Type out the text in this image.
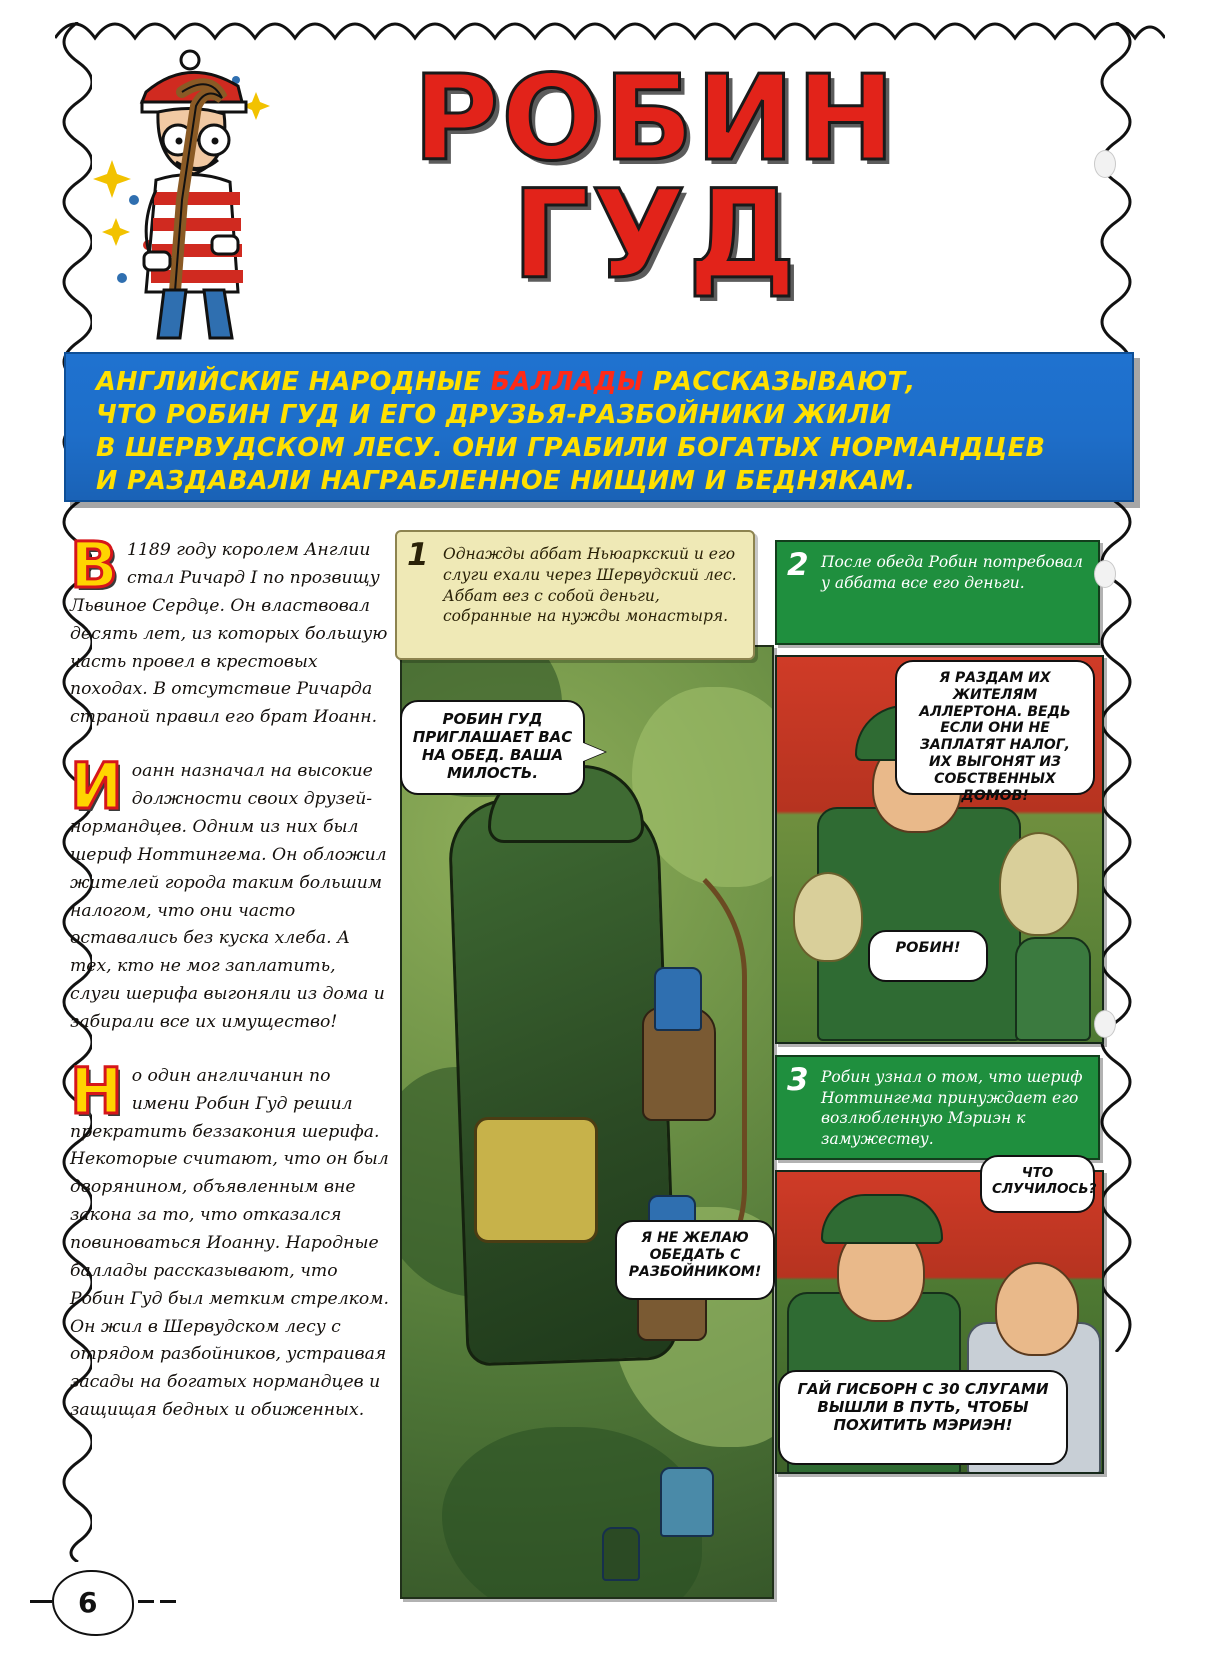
РОБИН
ГУД
АНГЛИЙСКИЕ НАРОДНЫЕ БАЛЛАДЫ РАССКАЗЫВАЮТ,
ЧТО РОБИН ГУД И ЕГО ДРУЗЬЯ-РАЗБОЙНИКИ ЖИЛИ
В ШЕРВУДСКОМ ЛЕСУ. ОНИ ГРАБИЛИ БОГАТЫХ НОРМАНДЦЕВ
И РАЗДАВАЛИ НАГРАБЛЕННОЕ НИЩИМ И БЕДНЯКАМ.

В 1189 году королем Англии стал Ричард I по прозвищу Львиное Сердце. Он властвовал десять лет, из которых большую часть провел в крестовых походах. В отсутствие Ричарда страной правил его брат Иоанн.

Иоанн назначал на высокие должности своих друзей-нормандцев. Одним из них был шериф Ноттингема. Он обложил жителей города таким большим налогом, что они часто оставались без куска хлеба. А тех, кто не мог заплатить, слуги шерифа выгоняли из дома и забирали все их имущество!

Но один англичанин по имени Робин Гуд решил прекратить беззакония шерифа. Некоторые считают, что он был дворянином, объявленным вне закона за то, что отказался повиноваться Иоанну. Народные баллады рассказывают, что Робин Гуд был метким стрелком. Он жил в Шервудском лесу с отрядом разбойников, устраивая засады на богатых нормандцев и защищая бедных и обиженных.

1 Однажды аббат Ньюаркский и его слуги ехали через Шервудский лес. Аббат вез с собой деньги, собранные на нужды монастыря.
2 После обеда Робин потребовал у аббата все его деньги.
3 Робин узнал о том, что шериф Ноттингема принуждает его возлюбленную Мэриэн к замужеству.
РОБИН ГУД ПРИГЛАШАЕТ ВАС НА ОБЕД. ВАША МИЛОСТЬ.
Я РАЗДАМ ИХ ЖИТЕЛЯМ АЛЛЕРТОНА. ВЕДЬ ЕСЛИ ОНИ НЕ ЗАПЛАТЯТ НАЛОГ, ИХ ВЫГОНЯТ ИЗ СОБСТВЕННЫХ ДОМОВ!
РОБИН!
Я НЕ ЖЕЛАЮ ОБЕДАТЬ С РАЗБОЙНИКОМ!
ЧТО СЛУЧИЛОСЬ?
ГАЙ ГИСБОРН С 30 СЛУГАМИ ВЫШЛИ В ПУТЬ, ЧТОБЫ ПОХИТИТЬ МЭРИЭН!
6
